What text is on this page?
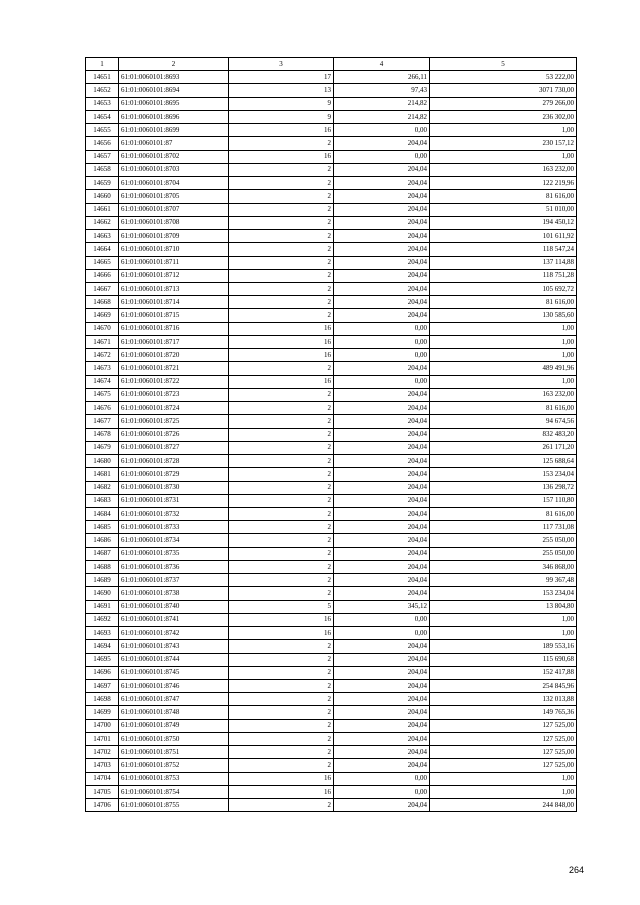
1	2	3	4	5
14651	61:01:0060101:8693	17	266,11	53 222,00
14652	61:01:0060101:8694	13	97,43	3071 730,00
14653	61:01:0060101:8695	9	214,82	279 266,00
14654	61:01:0060101:8696	9	214,82	236 302,00
14655	61:01:0060101:8699	16	0,00	1,00
14656	61:01:0060101:87	2	204,04	230 157,12
14657	61:01:0060101:8702	16	0,00	1,00
14658	61:01:0060101:8703	2	204,04	163 232,00
14659	61:01:0060101:8704	2	204,04	122 219,96
14660	61:01:0060101:8705	2	204,04	81 616,00
14661	61:01:0060101:8707	2	204,04	51 010,00
14662	61:01:0060101:8708	2	204,04	194 450,12
14663	61:01:0060101:8709	2	204,04	101 611,92
14664	61:01:0060101:8710	2	204,04	118 547,24
14665	61:01:0060101:8711	2	204,04	137 114,88
14666	61:01:0060101:8712	2	204,04	118 751,28
14667	61:01:0060101:8713	2	204,04	105 692,72
14668	61:01:0060101:8714	2	204,04	81 616,00
14669	61:01:0060101:8715	2	204,04	130 585,60
14670	61:01:0060101:8716	16	0,00	1,00
14671	61:01:0060101:8717	16	0,00	1,00
14672	61:01:0060101:8720	16	0,00	1,00
14673	61:01:0060101:8721	2	204,04	489 491,96
14674	61:01:0060101:8722	16	0,00	1,00
14675	61:01:0060101:8723	2	204,04	163 232,00
14676	61:01:0060101:8724	2	204,04	81 616,00
14677	61:01:0060101:8725	2	204,04	94 674,56
14678	61:01:0060101:8726	2	204,04	832 483,20
14679	61:01:0060101:8727	2	204,04	261 171,20
14680	61:01:0060101:8728	2	204,04	125 688,64
14681	61:01:0060101:8729	2	204,04	153 234,04
14682	61:01:0060101:8730	2	204,04	136 298,72
14683	61:01:0060101:8731	2	204,04	157 110,80
14684	61:01:0060101:8732	2	204,04	81 616,00
14685	61:01:0060101:8733	2	204,04	117 731,08
14686	61:01:0060101:8734	2	204,04	255 050,00
14687	61:01:0060101:8735	2	204,04	255 050,00
14688	61:01:0060101:8736	2	204,04	346 868,00
14689	61:01:0060101:8737	2	204,04	99 367,48
14690	61:01:0060101:8738	2	204,04	153 234,04
14691	61:01:0060101:8740	5	345,12	13 804,80
14692	61:01:0060101:8741	16	0,00	1,00
14693	61:01:0060101:8742	16	0,00	1,00
14694	61:01:0060101:8743	2	204,04	189 553,16
14695	61:01:0060101:8744	2	204,04	115 690,68
14696	61:01:0060101:8745	2	204,04	152 417,88
14697	61:01:0060101:8746	2	204,04	254 845,96
14698	61:01:0060101:8747	2	204,04	132 013,88
14699	61:01:0060101:8748	2	204,04	149 765,36
14700	61:01:0060101:8749	2	204,04	127 525,00
14701	61:01:0060101:8750	2	204,04	127 525,00
14702	61:01:0060101:8751	2	204,04	127 525,00
14703	61:01:0060101:8752	2	204,04	127 525,00
14704	61:01:0060101:8753	16	0,00	1,00
14705	61:01:0060101:8754	16	0,00	1,00
14706	61:01:0060101:8755	2	204,04	244 848,00
264
